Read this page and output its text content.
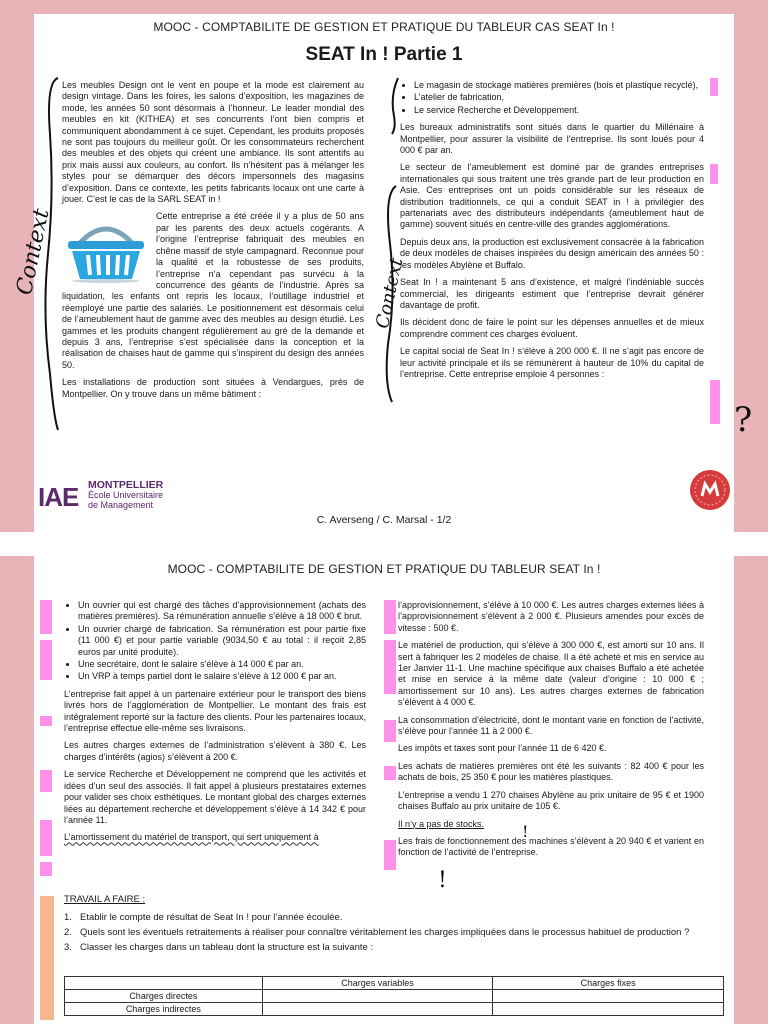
MOOC - COMPTABILITE DE GESTION ET PRATIQUE DU TABLEUR CAS SEAT In !
SEAT In ! Partie 1

Les meubles Design ont le vent en poupe et la mode est clairement au design vintage. Dans les foires, les salons d’exposition, les magazines de mode, les années 50 sont désormais à l’honneur. Le leader mondial des meubles en kit (KITHEA) et ses concurrents l’ont bien compris et communiquent abondamment à ce sujet. Cependant, les produits proposés ne sont pas toujours du meilleur goût. Or les consommateurs recherchent des meubles et des objets qui créent une ambiance. Ils sont attentifs au prix mais aussi aux couleurs, au confort. Ils n’hésitent pas à mélanger les styles pour se démarquer des décors impersonnels des magasins d’exposition. Dans ce contexte, les petits fabricants locaux ont une carte à jouer. C’est le cas de la SARL SEAT in !

Cette entreprise a été créée il y a plus de 50 ans par les parents des deux actuels cogérants. A l’origine l’entreprise fabriquait des meubles en chêne massif de style campagnard. Reconnue pour la qualité et la robustesse de ses produits, l’entreprise n’a cependant pas survécu à la concurrence des géants de l’industrie. Après sa liquidation, les enfants ont repris les locaux, l’outillage industriel et réemployé une partie des salariés. Le positionnement est désormais celui de l’ameublement haut de gamme avec des meubles au design étudié. Les gammes et les produits changent régulièrement au gré de la demande et depuis 3 ans, l’entreprise s’est spécialisée dans la conception et la réalisation de chaises haut de gamme qui s’inspirent du design des années 50.

Les installations de production sont situées à Vendargues, près de Montpellier. On y trouve dans un même bâtiment :

Context
• Le magasin de stockage matières premières (bois et plastique recyclé),
• L’atelier de fabrication,
• Le service Recherche et Développement.

Les bureaux administratifs sont situés dans le quartier du Millénaire à Montpellier, pour assurer la visibilité de l’entreprise. Ils sont loués pour 4 000 € par an.

Le secteur de l’ameublement est dominé par de grandes entreprises internationales qui sous traitent une très grande part de leur production en Asie. Ces entreprises ont un poids considérable sur les réseaux de distribution traditionnels, ce qui a conduit SEAT in ! à privilégier des partenariats avec des distributeurs indépendants (ameublement haut de gamme) souvent situés en centre-ville des grandes agglomérations.

Depuis deux ans, la production est exclusivement consacrée à la fabrication de deux modèles de chaises inspirées du design américain des années 50 : les modèles Abylène et Buffalo.

Seat In ! a maintenant 5 ans d’existence, et malgré l’indéniable succès commercial, les dirigeants estiment que l’entreprise devrait générer davantage de profit.

Ils décident donc de faire le point sur les dépenses annuelles et de mieux comprendre comment ces charges évoluent.

Le capital social de Seat In ! s’élève à 200 000 €. Il ne s’agit pas encore de leur activité principale et ils se rémunèrent à hauteur de 10% du capital de l’entreprise. Cette entreprise emploie 4 personnes :

Context
?
IAE MONTPELLIER
École Universitaire
de Management
C. Averseng / C. Marsal - 1/2
MOOC - COMPTABILITE DE GESTION ET PRATIQUE DU TABLEUR SEAT In !
• Un ouvrier qui est chargé des tâches d’approvisionnement (achats des matières premières). Sa rémunération annuelle s’élève à 18 000 € brut.
• Un ouvrier chargé de fabrication. Sa rémunération est pour partie fixe (11 000 €) et pour partie variable (9034,50 € au total : il reçoit 2,85 euros par unité produite).
• Une secrétaire, dont le salaire s’élève à 14 000 € par an.
• Un VRP à temps partiel dont le salaire s’élève à 12 000 € par an.

L’entreprise fait appel à un partenaire extérieur pour le transport des biens livrés hors de l’agglomération de Montpellier. Le montant des frais est intégralement reporté sur la facture des clients. Pour les partenaires locaux, l’entreprise effectue elle-même ses livraisons.

Les autres charges externes de l’administration s’élèvent à 380 €. Les charges d’intérêts (agios) s’élèvent à 200 €.

Le service Recherche et Développement ne comprend que les activités et idées d’un seul des associés. Il fait appel à plusieurs prestataires externes pour valider ses choix esthétiques. Le montant global des charges externes liées au département recherche et développement s’élève à 14 342 € pour l’année 11.

L’amortissement du matériel de transport, qui sert uniquement à

l’approvisionnement, s’élève à 10 000 €. Les autres charges externes liées à l’approvisionnement s’élèvent à 2 000 €. Plusieurs amendes pour excès de vitesse : 500 €.

Le matériel de production, qui s’élève à 300 000 €, est amorti sur 10 ans. Il sert à fabriquer les 2 modèles de chaise. Il a été acheté et mis en service au 1er Janvier 11-1. Une machine spécifique aux chaises Buffalo a été achetée et mise en service à la même date (valeur d’origine : 10 000 € ; amortissement sur 10 ans). Les autres charges externes de fabrication s’élèvent à 4 000 €.

La consommation d’électricité, dont le montant varie en fonction de l’activité, s’élève pour l’année 11 à 2 000 €.

Les impôts et taxes sont pour l’année 11 de 6 420 €.

Les achats de matières premières ont été les suivants : 82 400 € pour les achats de bois, 25 350 € pour les matières plastiques.

L’entreprise a vendu 1 270 chaises Abylène au prix unitaire de 95 € et 1900 chaises Buffalo au prix unitaire de 105 €.

Il n’y a pas de stocks.

Les frais de fonctionnement des machines s’élèvent à 20 940 € et varient en fonction de l’activité de l’entreprise.

!
!
TRAVAIL A FAIRE :
1. Etablir le compte de résultat de Seat In ! pour l’année écoulée.
2. Quels sont les éventuels retraitements à réaliser pour connaître véritablement les charges impliquées dans le processus habituel de production ?
3. Classer les charges dans un tableau dont la structure est la suivante :
	Charges variables	Charges fixes
Charges directes		
Charges indirectes		
